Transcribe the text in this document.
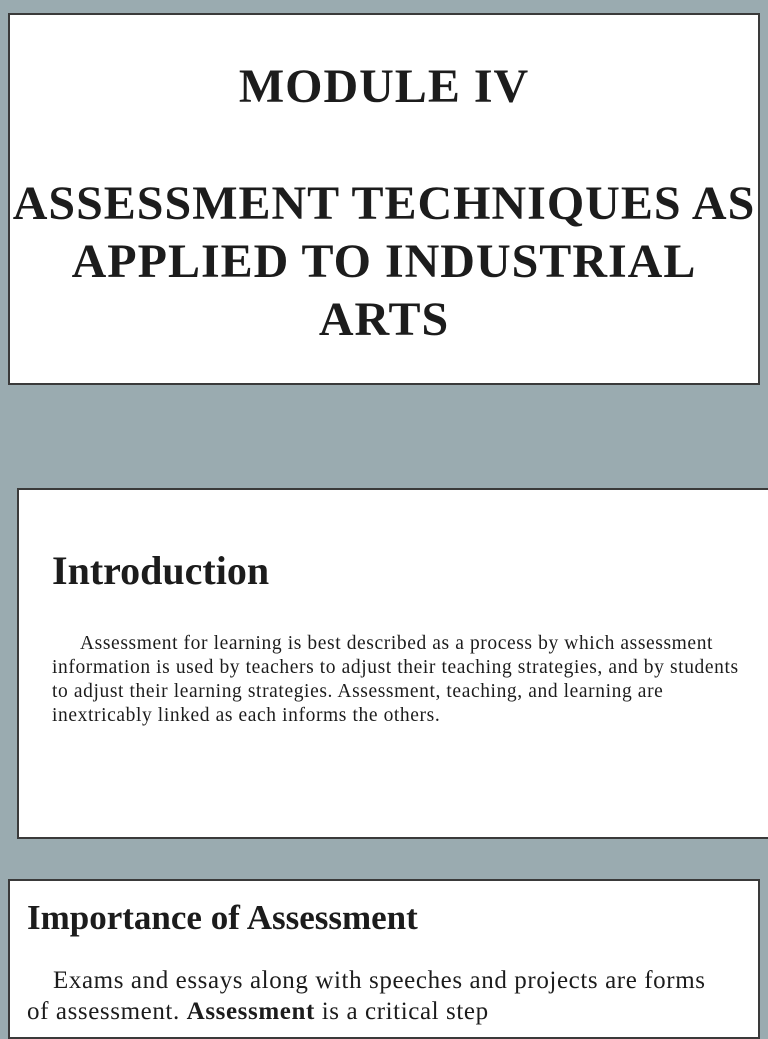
MODULE IV
ASSESSMENT TECHNIQUES AS APPLIED TO INDUSTRIAL ARTS
Introduction

Assessment for learning is best described as a process by which assessment information is used by teachers to adjust their teaching strategies, and by students to adjust their learning strategies. Assessment, teaching, and learning are inextricably linked as each informs the others.

Importance of Assessment

Exams and essays along with speeches and projects are forms of assessment. Assessment is a critical step
